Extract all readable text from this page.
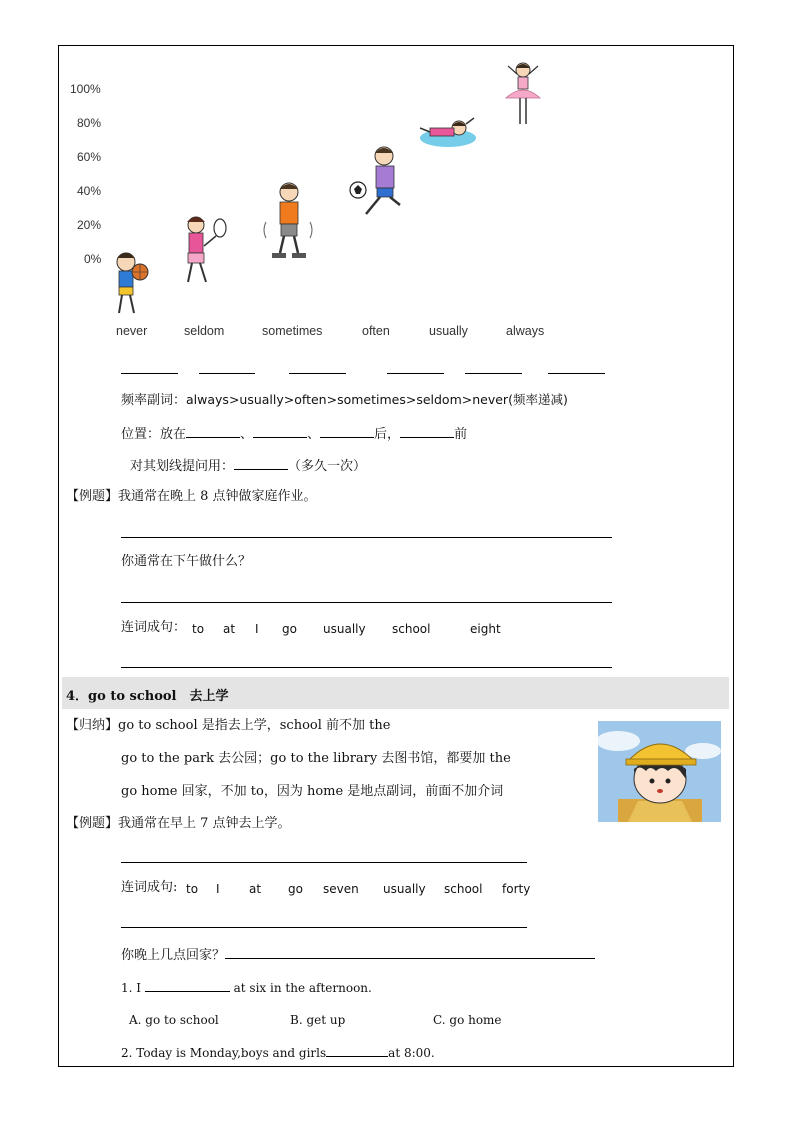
100%
80%
60%
40%
20%
0%
never	seldom	sometimes	often	usually	always
频率副词：always>usually>often>sometimes>seldom>never(频率递减)
位置：放在	、	、	后，	前
对其划线提问用：	（多久一次）
【例题】我通常在晚上 8 点钟做家庭作业。
你通常在下午做什么？
连词成句： to at I go usually school	eight
4．go to school　去上学
【归纳】go to school 是指去上学，school 前不加 the
go to the park 去公园；go to the library 去图书馆，都要加 the
go home 回家，不加 to，因为 home 是地点副词，前面不加介词
【例题】我通常在早上 7 点钟去上学。
连词成句: to I at go seven usually school forty
你晚上几点回家？
1. I	at six in the afternoon.
A. go to school	B. get up	C. go home
2. Today is Monday,boys and girls	at 8:00.
